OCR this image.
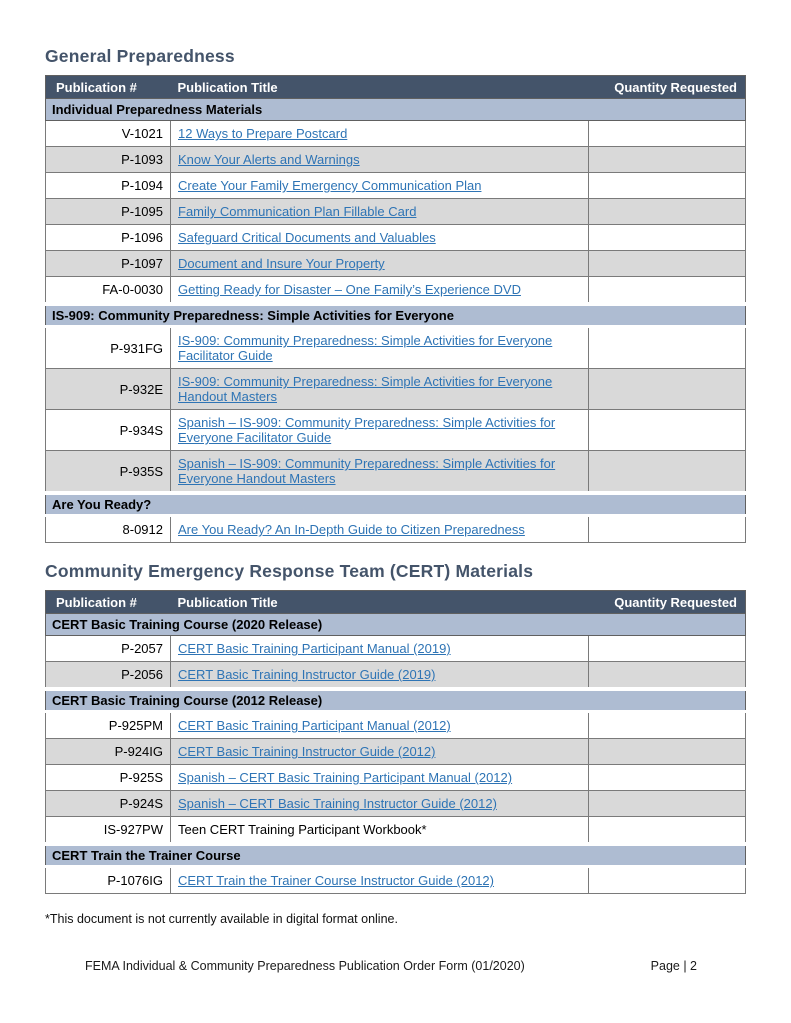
General Preparedness
Publication #	Publication Title	Quantity Requested
Individual Preparedness Materials		
V-1021	12 Ways to Prepare Postcard	
P-1093	Know Your Alerts and Warnings	
P-1094	Create Your Family Emergency Communication Plan	
P-1095	Family Communication Plan Fillable Card	
P-1096	Safeguard Critical Documents and Valuables	
P-1097	Document and Insure Your Property	
FA-0-0030	Getting Ready for Disaster – One Family’s Experience DVD	
IS-909: Community Preparedness: Simple Activities for Everyone		
P-931FG	IS-909: Community Preparedness: Simple Activities for Everyone Facilitator Guide	
P-932E	IS-909: Community Preparedness: Simple Activities for Everyone Handout Masters	
P-934S	Spanish – IS-909: Community Preparedness: Simple Activities for Everyone Facilitator Guide	
P-935S	Spanish – IS-909: Community Preparedness: Simple Activities for Everyone Handout Masters	
Are You Ready?		
8-0912	Are You Ready? An In-Depth Guide to Citizen Preparedness	
Community Emergency Response Team (CERT) Materials
Publication #	Publication Title	Quantity Requested
CERT Basic Training Course (2020 Release)		
P-2057	CERT Basic Training Participant Manual (2019)	
P-2056	CERT Basic Training Instructor Guide (2019)	
CERT Basic Training Course (2012 Release)		
P-925PM	CERT Basic Training Participant Manual (2012)	
P-924IG	CERT Basic Training Instructor Guide (2012)	
P-925S	Spanish – CERT Basic Training Participant Manual (2012)	
P-924S	Spanish – CERT Basic Training Instructor Guide (2012)	
IS-927PW	Teen CERT Training Participant Workbook*	
CERT Train the Trainer Course		
P-1076IG	CERT Train the Trainer Course Instructor Guide (2012)	

*This document is not currently available in digital format online.

FEMA Individual & Community Preparedness Publication Order Form (01/2020)	Page | 2
